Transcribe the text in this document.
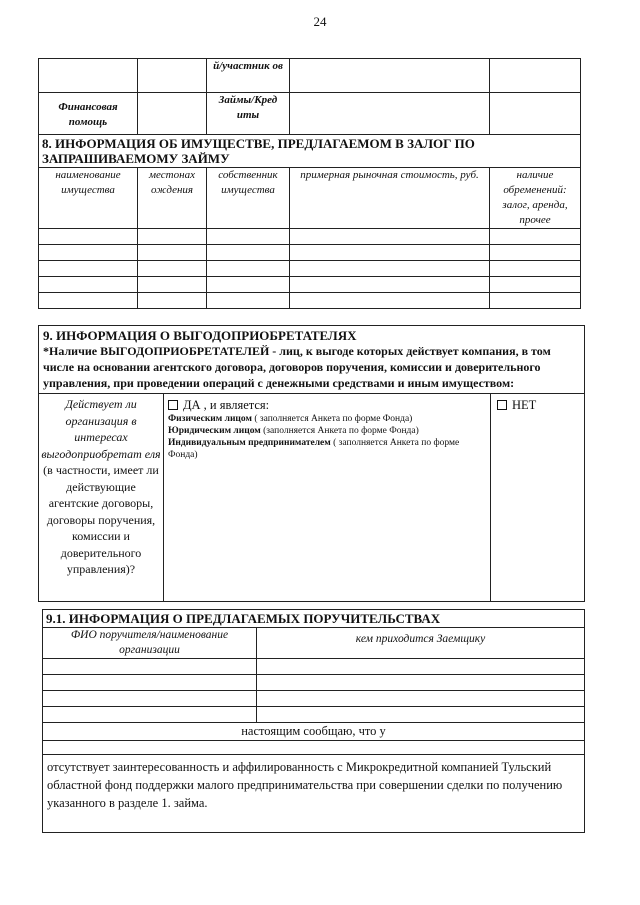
24
		й/участник ов		
Финансовая помощь		Займы/Кред иты		
8. ИНФОРМАЦИЯ ОБ ИМУЩЕСТВЕ, ПРЕДЛАГАЕМОМ В ЗАЛОГ ПО ЗАПРАШИВАЕМОМУ ЗАЙМУ				
наименование имущества	местонах ождения	собственник имущества	примерная рыночная стоимость, руб.	наличие обременений: залог, аренда, прочее

9. ИНФОРМАЦИЯ О ВЫГОДОПРИОБРЕТАТЕЛЯХ
*Наличие ВЫГОДОПРИОБРЕТАТЕЛЕЙ - лиц, к выгоде которых действует компания, в том числе на основании агентского договора, договоров поручения, комиссии и доверительного управления, при проведении операций с денежными средствами и иным имуществом:

Действует ли организация в интересах выгодоприобретат еля
(в частности, имеет ли действующие агентские договоры, договоры поручения, комиссии и доверительного управления)?	
ДА , и является:
Физическим лицом ( заполняется Анкета по форме Фонда)
Юридическим лицом (заполняется Анкета по форме Фонда)
Индивидуальным предпринимателем ( заполняется Анкета по форме Фонда)
	НЕТ
9.1. ИНФОРМАЦИЯ О ПРЕДЛАГАЕМЫХ ПОРУЧИТЕЛЬСТВАХ	
ФИО поручителя/наименование организации	кем приходится Заемщику

настоящим сообщаю, что у	

отсутствует заинтересованность и аффилированность с Микрокредитной компанией Тульский областной фонд поддержки малого предпринимательства при совершении сделки по получению указанного в разделе 1. займа.	
